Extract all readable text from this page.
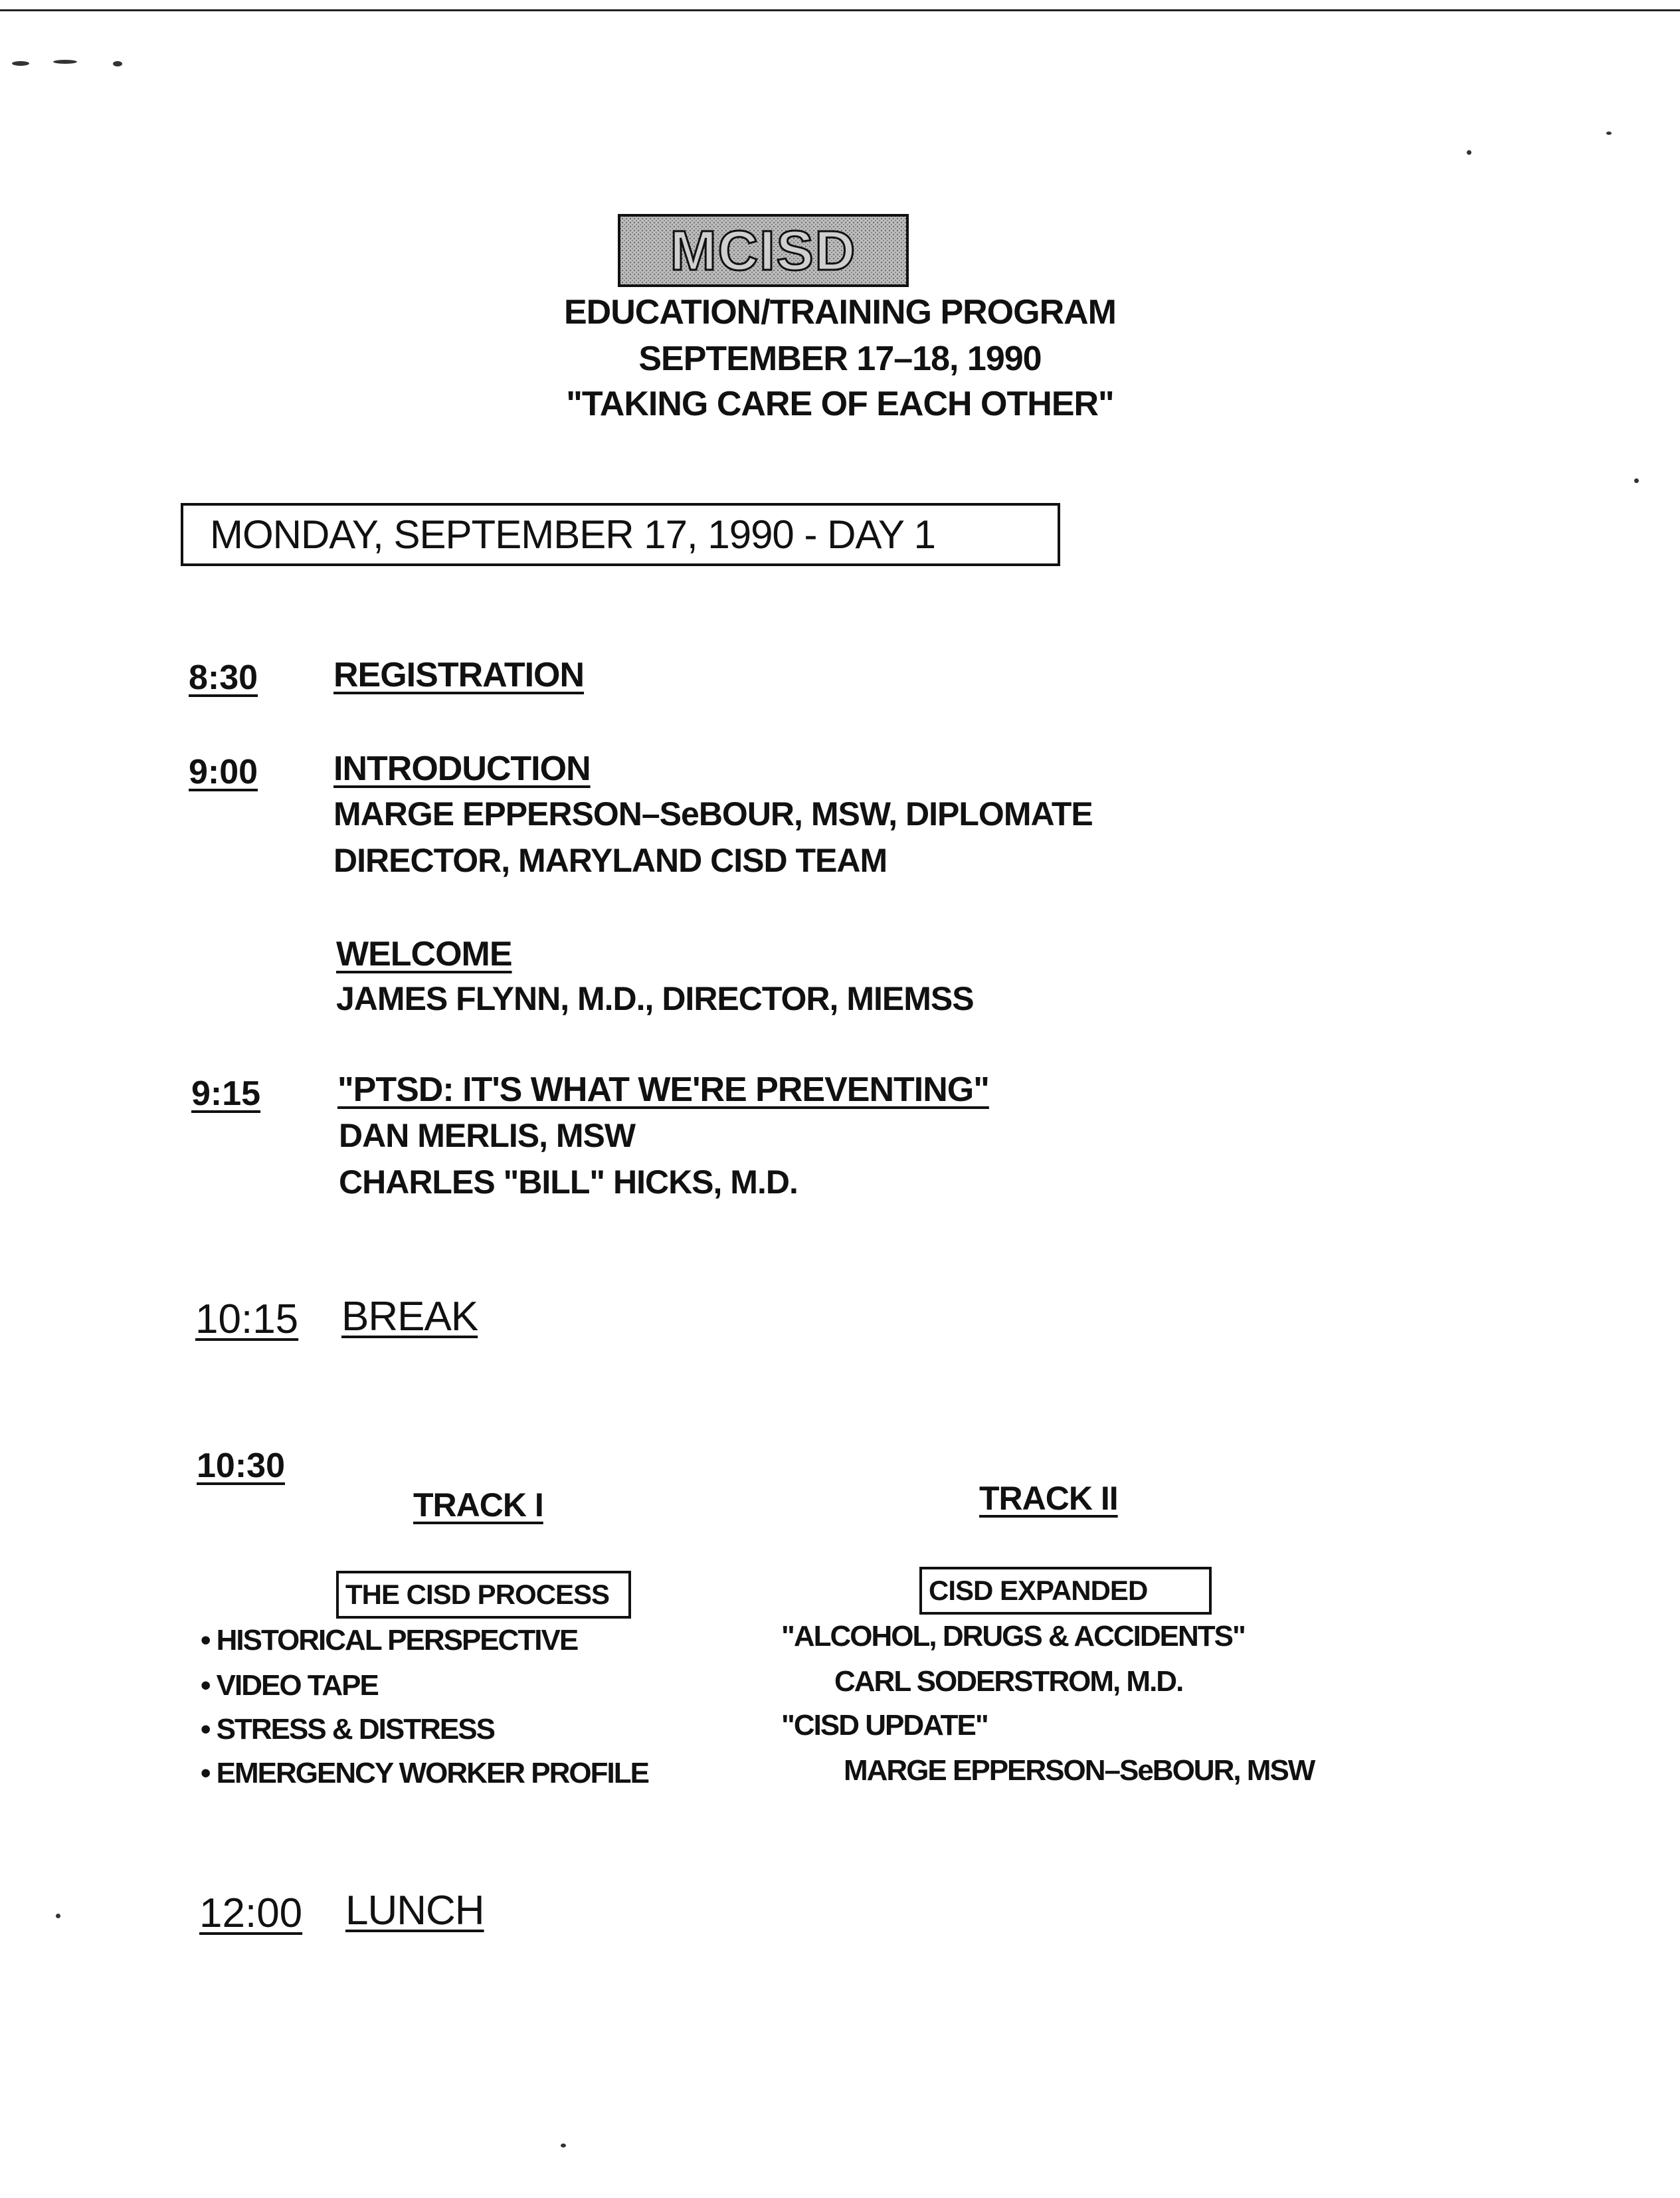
MCISD
EDUCATION/TRAINING PROGRAM
SEPTEMBER 17–18, 1990
"TAKING CARE OF EACH OTHER"
MONDAY, SEPTEMBER 17, 1990 - DAY 1
8:30 REGISTRATION
9:00 INTRODUCTION
MARGE EPPERSON–SeBOUR, MSW, DIPLOMATE
DIRECTOR, MARYLAND CISD TEAM
WELCOME
JAMES FLYNN, M.D., DIRECTOR, MIEMSS
9:15 "PTSD: IT'S WHAT WE'RE PREVENTING"
DAN MERLIS, MSW
CHARLES "BILL" HICKS, M.D.
10:15 BREAK
10:30
TRACK I	TRACK II
THE CISD PROCESS	CISD EXPANDED
• HISTORICAL PERSPECTIVE
• VIDEO TAPE
• STRESS & DISTRESS
• EMERGENCY WORKER PROFILE
"ALCOHOL, DRUGS & ACCIDENTS"
CARL SODERSTROM, M.D.
"CISD UPDATE"
MARGE EPPERSON–SeBOUR, MSW
12:00 LUNCH
